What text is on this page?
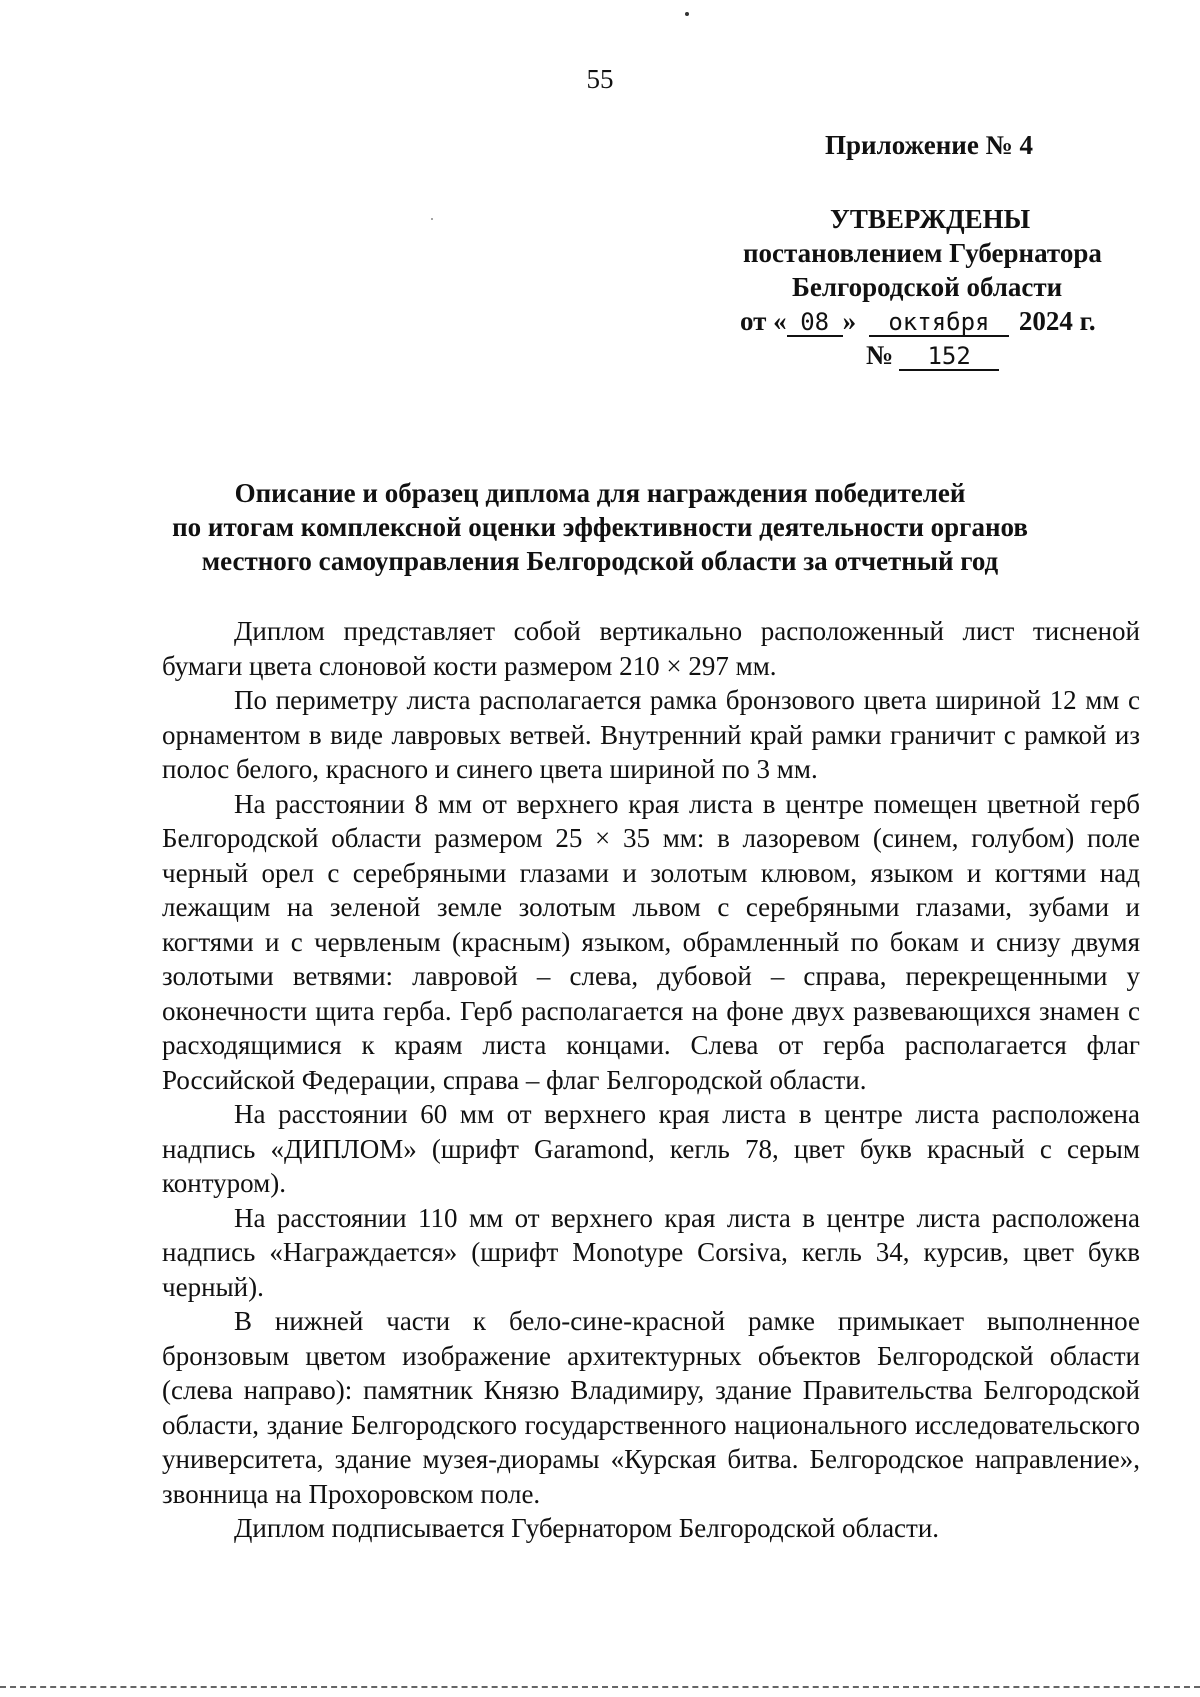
55
Приложение № 4
УТВЕРЖДЕНЫ
постановлением Губернатора
Белгородской области
от « 08 » октября 2024 г.
№ 152
Описание и образец диплома для награждения победителей
по итогам комплексной оценки эффективности деятельности органов
местного самоуправления Белгородской области за отчетный год

Диплом представляет собой вертикально расположенный лист тисненой бумаги цвета слоновой кости размером 210 × 297 мм.

По периметру листа располагается рамка бронзового цвета шириной 12 мм с орнаментом в виде лавровых ветвей. Внутренний край рамки граничит с рамкой из полос белого, красного и синего цвета шириной по 3 мм.

На расстоянии 8 мм от верхнего края листа в центре помещен цветной герб Белгородской области размером 25 × 35 мм: в лазоревом (синем, голубом) поле черный орел с серебряными глазами и золотым клювом, языком и когтями над лежащим на зеленой земле золотым львом с серебряными глазами, зубами и когтями и с червленым (красным) языком, обрамленный по бокам и снизу двумя золотыми ветвями: лавровой – слева, дубовой – справа, перекрещенными у оконечности щита герба. Герб располагается на фоне двух развевающихся знамен с расходящимися к краям листа концами. Слева от герба располагается флаг Российской Федерации, справа – флаг Белгородской области.

На расстоянии 60 мм от верхнего края листа в центре листа расположена надпись «ДИПЛОМ» (шрифт Garamond, кегль 78, цвет букв красный с серым контуром).

На расстоянии 110 мм от верхнего края листа в центре листа расположена надпись «Награждается» (шрифт Monotype Corsiva, кегль 34, курсив, цвет букв черный).

В нижней части к бело-сине-красной рамке примыкает выполненное бронзовым цветом изображение архитектурных объектов Белгородской области (слева направо): памятник Князю Владимиру, здание Правительства Белгородской области, здание Белгородского государственного национального исследовательского университета, здание музея-диорамы «Курская битва. Белгородское направление», звонница на Прохоровском поле.

Диплом подписывается Губернатором Белгородской области.
